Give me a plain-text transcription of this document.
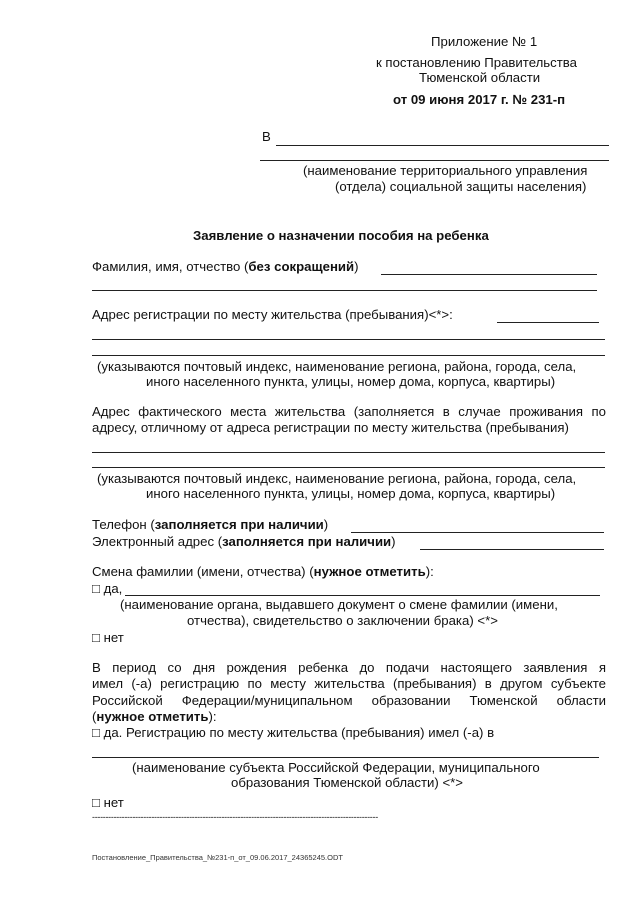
Приложение № 1
к постановлению Правительства
Тюменской области
от 09 июня 2017 г. № 231-п
В
(наименование территориального управления
(отдела) социальной защиты населения)
Заявление о назначении пособия на ребенка
Фамилия, имя, отчество (без сокращений)
Адрес регистрации по месту жительства (пребывания)<*>:
(указываются почтовый индекс, наименование региона, района, города, села,
иного населенного пункта, улицы, номер дома, корпуса, квартиры)
Адрес фактического места жительства (заполняется в случае проживания по
адресу, отличному от адреса регистрации по месту жительства (пребывания)
(указываются почтовый индекс, наименование региона, района, города, села,
иного населенного пункта, улицы, номер дома, корпуса, квартиры)
Телефон (заполняется при наличии)
Электронный адрес (заполняется при наличии)
Смена фамилии (имени, отчества) (нужное отметить):
□ да,
(наименование органа, выдавшего документ о смене фамилии (имени,
отчества), свидетельство о заключении брака) <*>
□ нет
В период со дня рождения ребенка до подачи настоящего заявления я
имел (-а) регистрацию по месту жительства (пребывания) в другом субъекте
Российской Федерации/муниципальном образовании Тюменской области
(нужное отметить):
□ да. Регистрацию по месту жительства (пребывания) имел (-а) в
(наименование субъекта Российской Федерации, муниципального
образования Тюменской области) <*>
□ нет
----------------------------------------------------------------------------------------------------------
Постановление_Правительства_№231-п_от_09.06.2017_24365245.ODT
